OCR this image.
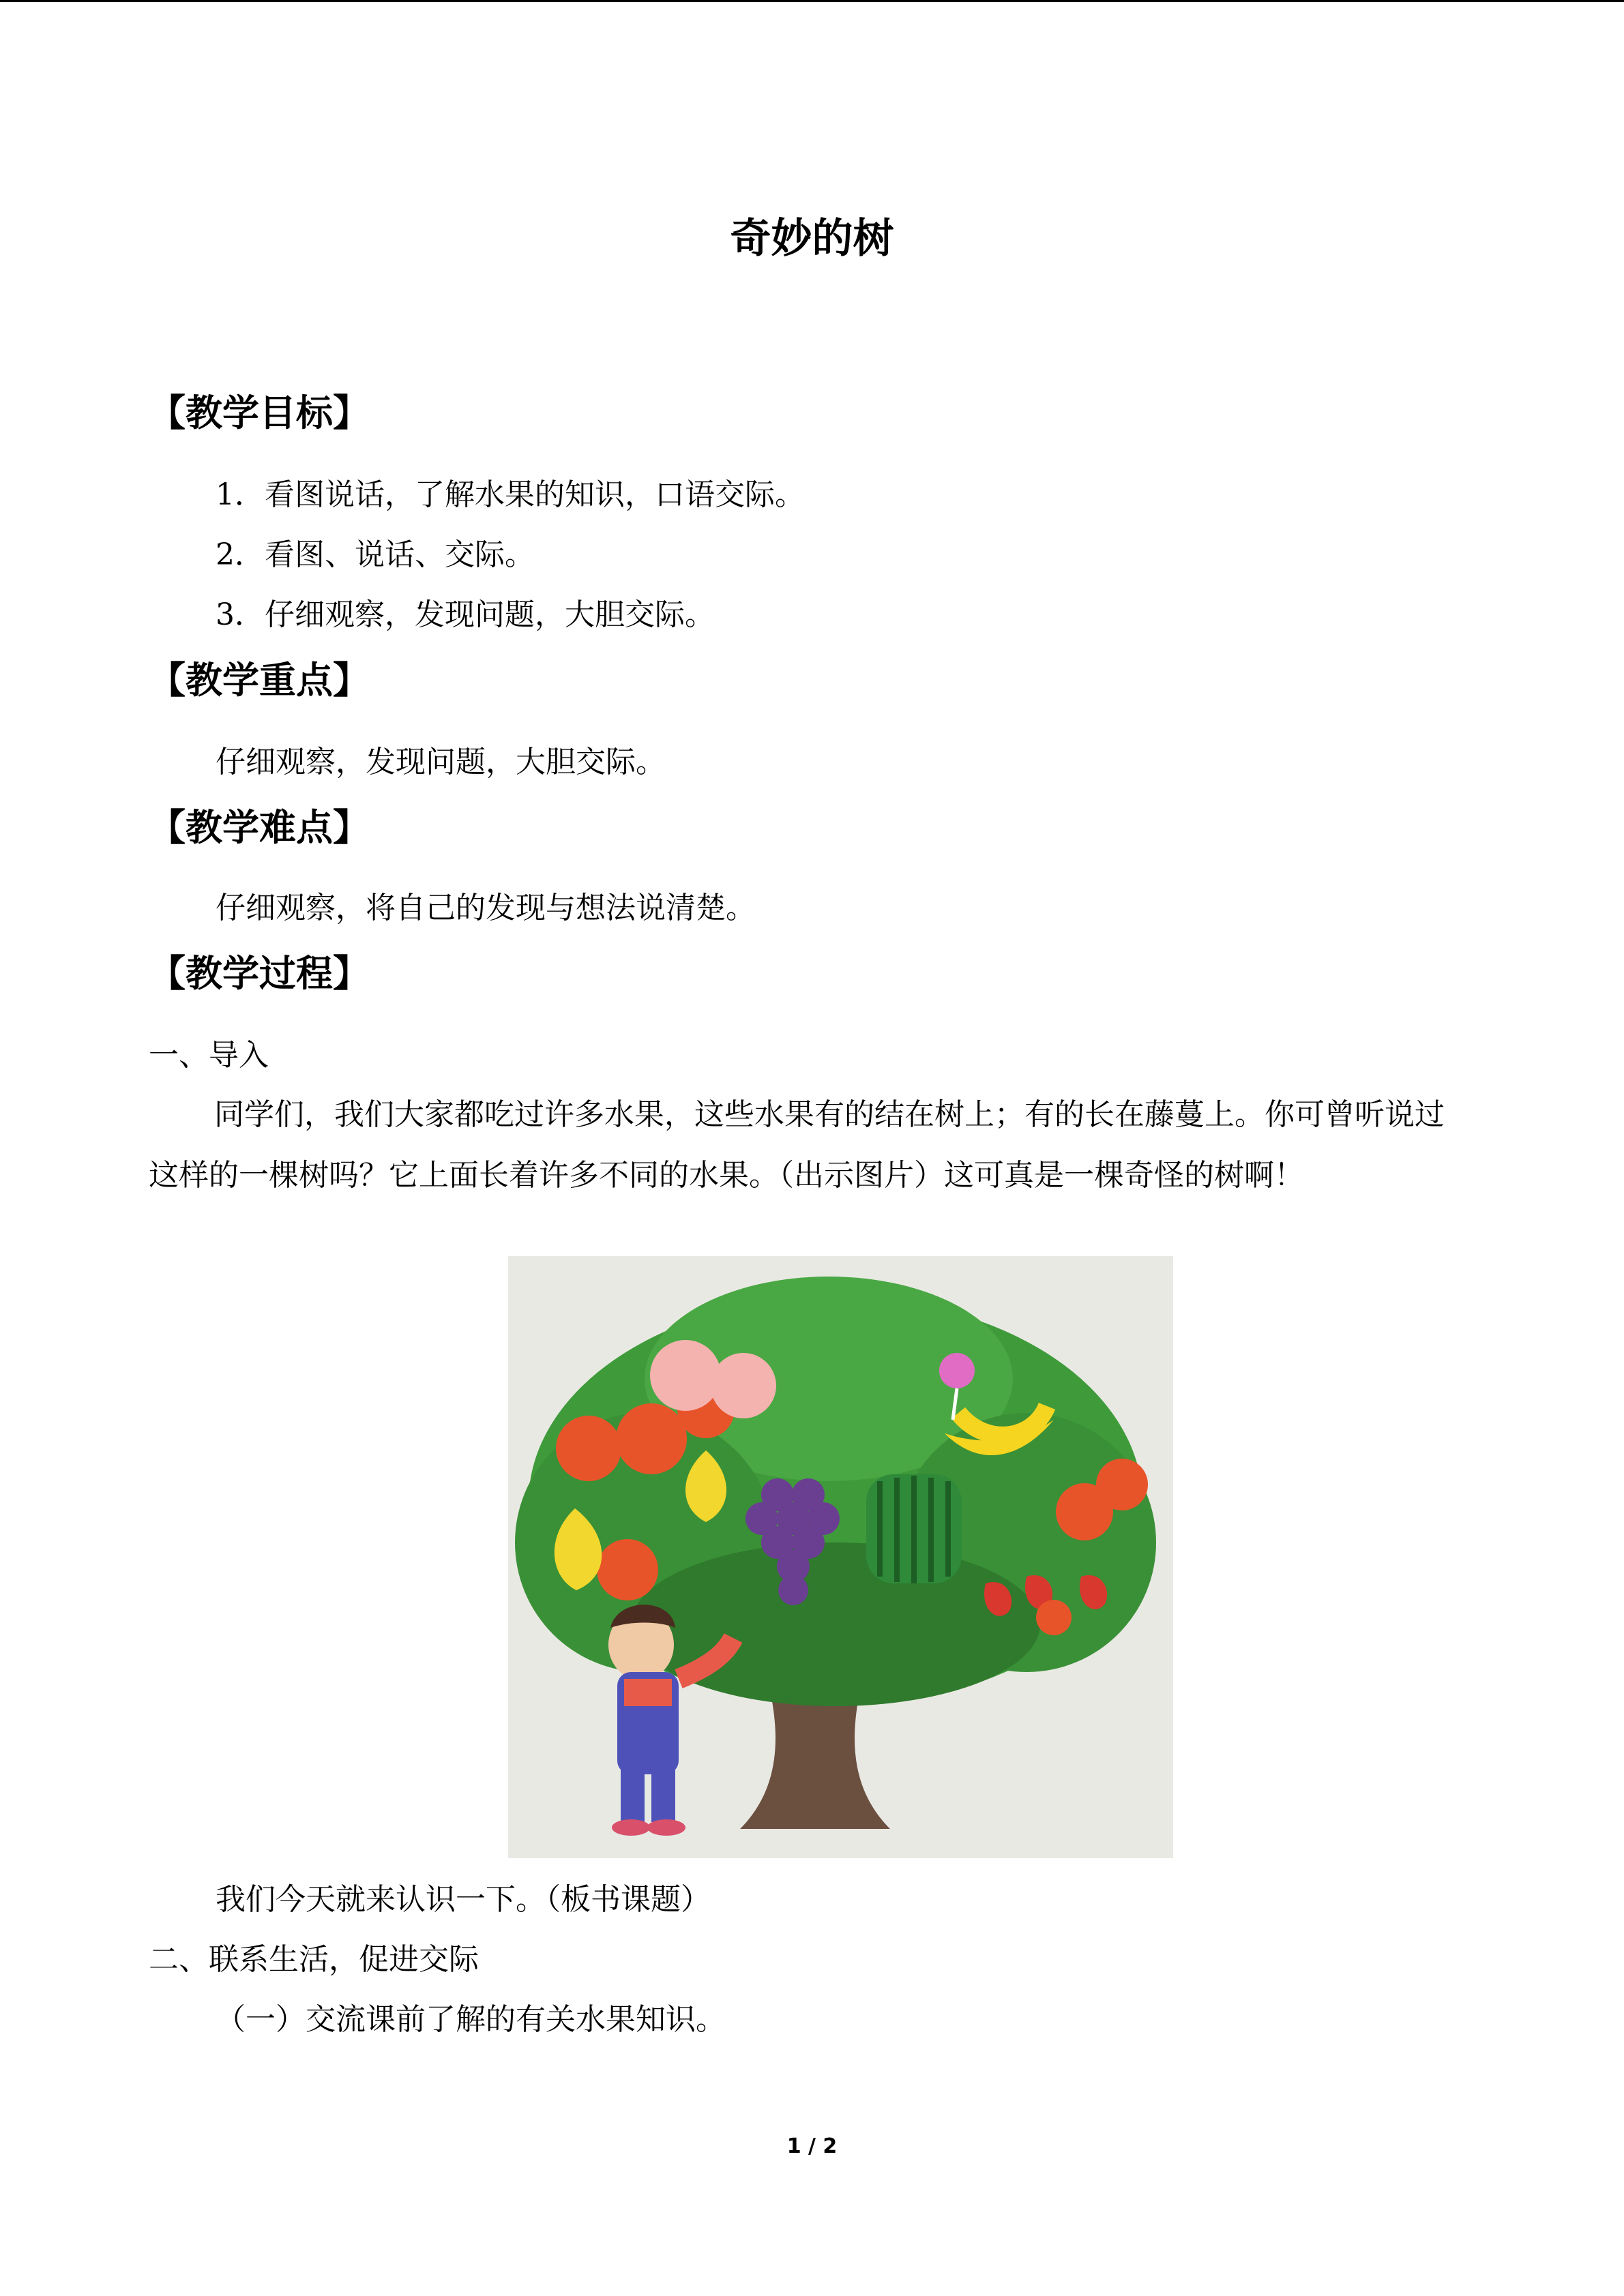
奇妙的树
【教学目标】
1．看图说话，了解水果的知识，口语交际。
2．看图、说话、交际。
3．仔细观察，发现问题，大胆交际。
【教学重点】
仔细观察，发现问题，大胆交际。
【教学难点】
仔细观察，将自己的发现与想法说清楚。
【教学过程】
一、导入
同学们，我们大家都吃过许多水果，这些水果有的结在树上；有的长在藤蔓上。你可曾听说过这样的一棵树吗？它上面长着许多不同的水果。（出示图片）这可真是一棵奇怪的树啊！
我们今天就来认识一下。（板书课题）
二、联系生活，促进交际
（一）交流课前了解的有关水果知识。
1 / 2
